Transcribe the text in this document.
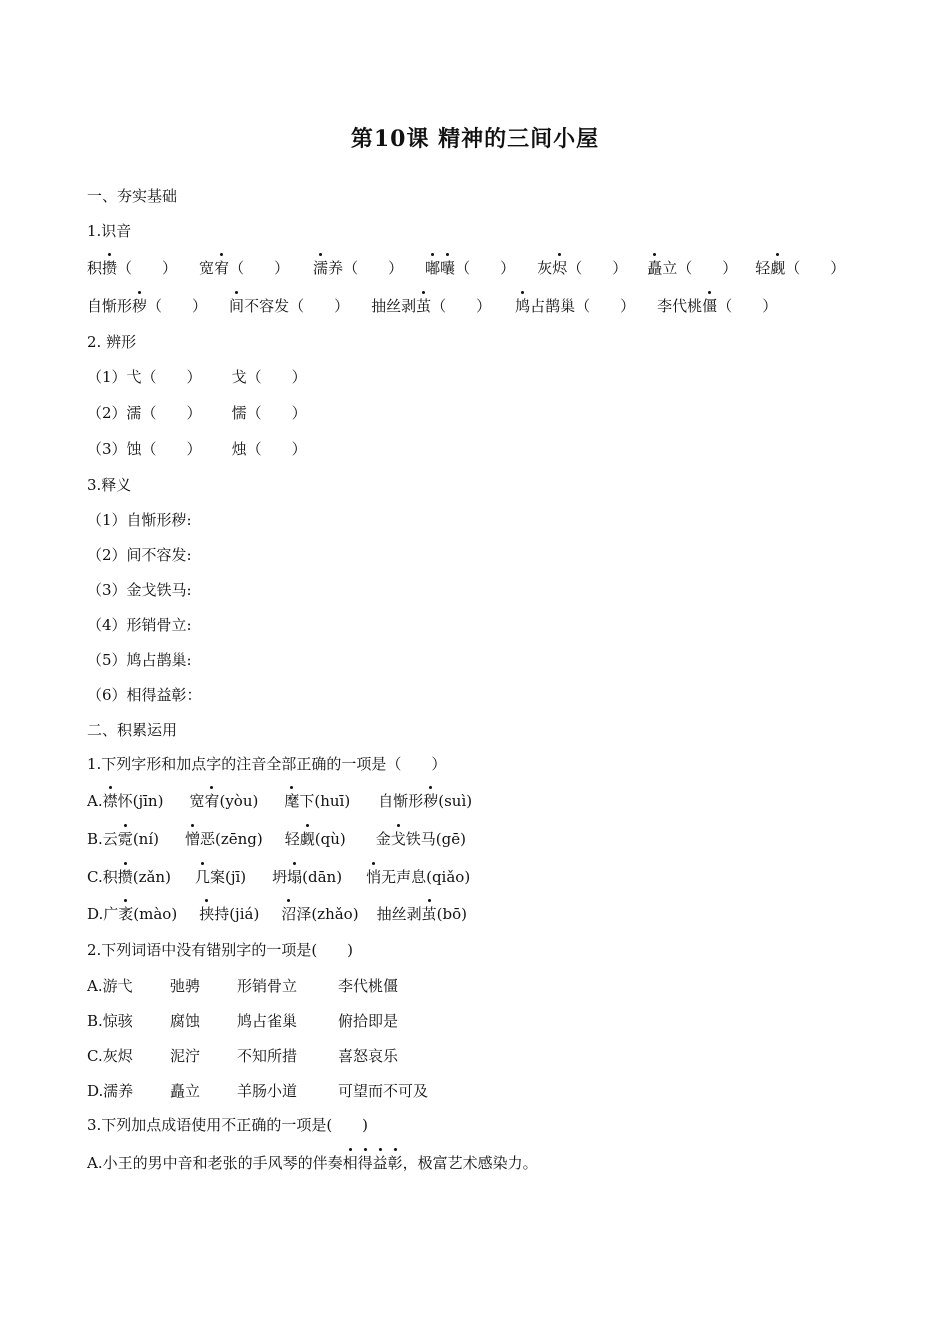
第10课 精神的三间小屋
一、夯实基础
1.识音
积攒（　　） 宽宥（　　） 濡养（　　） 嘟囔（　　） 灰烬（　　） 矗立（　　） 轻觑（　　）
自惭形秽（　　） 间不容发（　　） 抽丝剥茧（　　） 鸠占鹊巢（　　） 李代桃僵（　　）
2. 辨形
（1）弋（　　） 戈（　　）
（2）濡（　　） 懦（　　）
（3）蚀（　　） 烛（　　）
3.释义
（1）自惭形秽:
（2）间不容发:
（3）金戈铁马:
（4）形销骨立:
（5）鸠占鹊巢:
（6）相得益彰：
二、积累运用
1.下列字形和加点字的注音全部正确的一项是（　　）
A.襟怀(jīn) 宽宥(yòu) 麾下(huī) 自惭形秽(suì)
B.云霓(ní) 憎恶(zēng) 轻觑(qù) 金戈铁马(gē)
C.积攒(zǎn) 几案(jī) 坍塌(dān) 悄无声息(qiǎo)
D.广袤(mào) 挟持(jiá) 沼泽(zhǎo) 抽丝剥茧(bō)
2.下列词语中没有错别字的一项是(　　)
A.游弋 弛骋 形销骨立	李代桃僵
B.惊骇 腐蚀 鸠占雀巢	俯拾即是
C.灰烬 泥泞 不知所措	喜怒哀乐
D.濡养 矗立 羊肠小道	可望而不可及
3.下列加点成语使用不正确的一项是(　　)
A.小王的男中音和老张的手风琴的伴奏相得益彰，极富艺术感染力。
